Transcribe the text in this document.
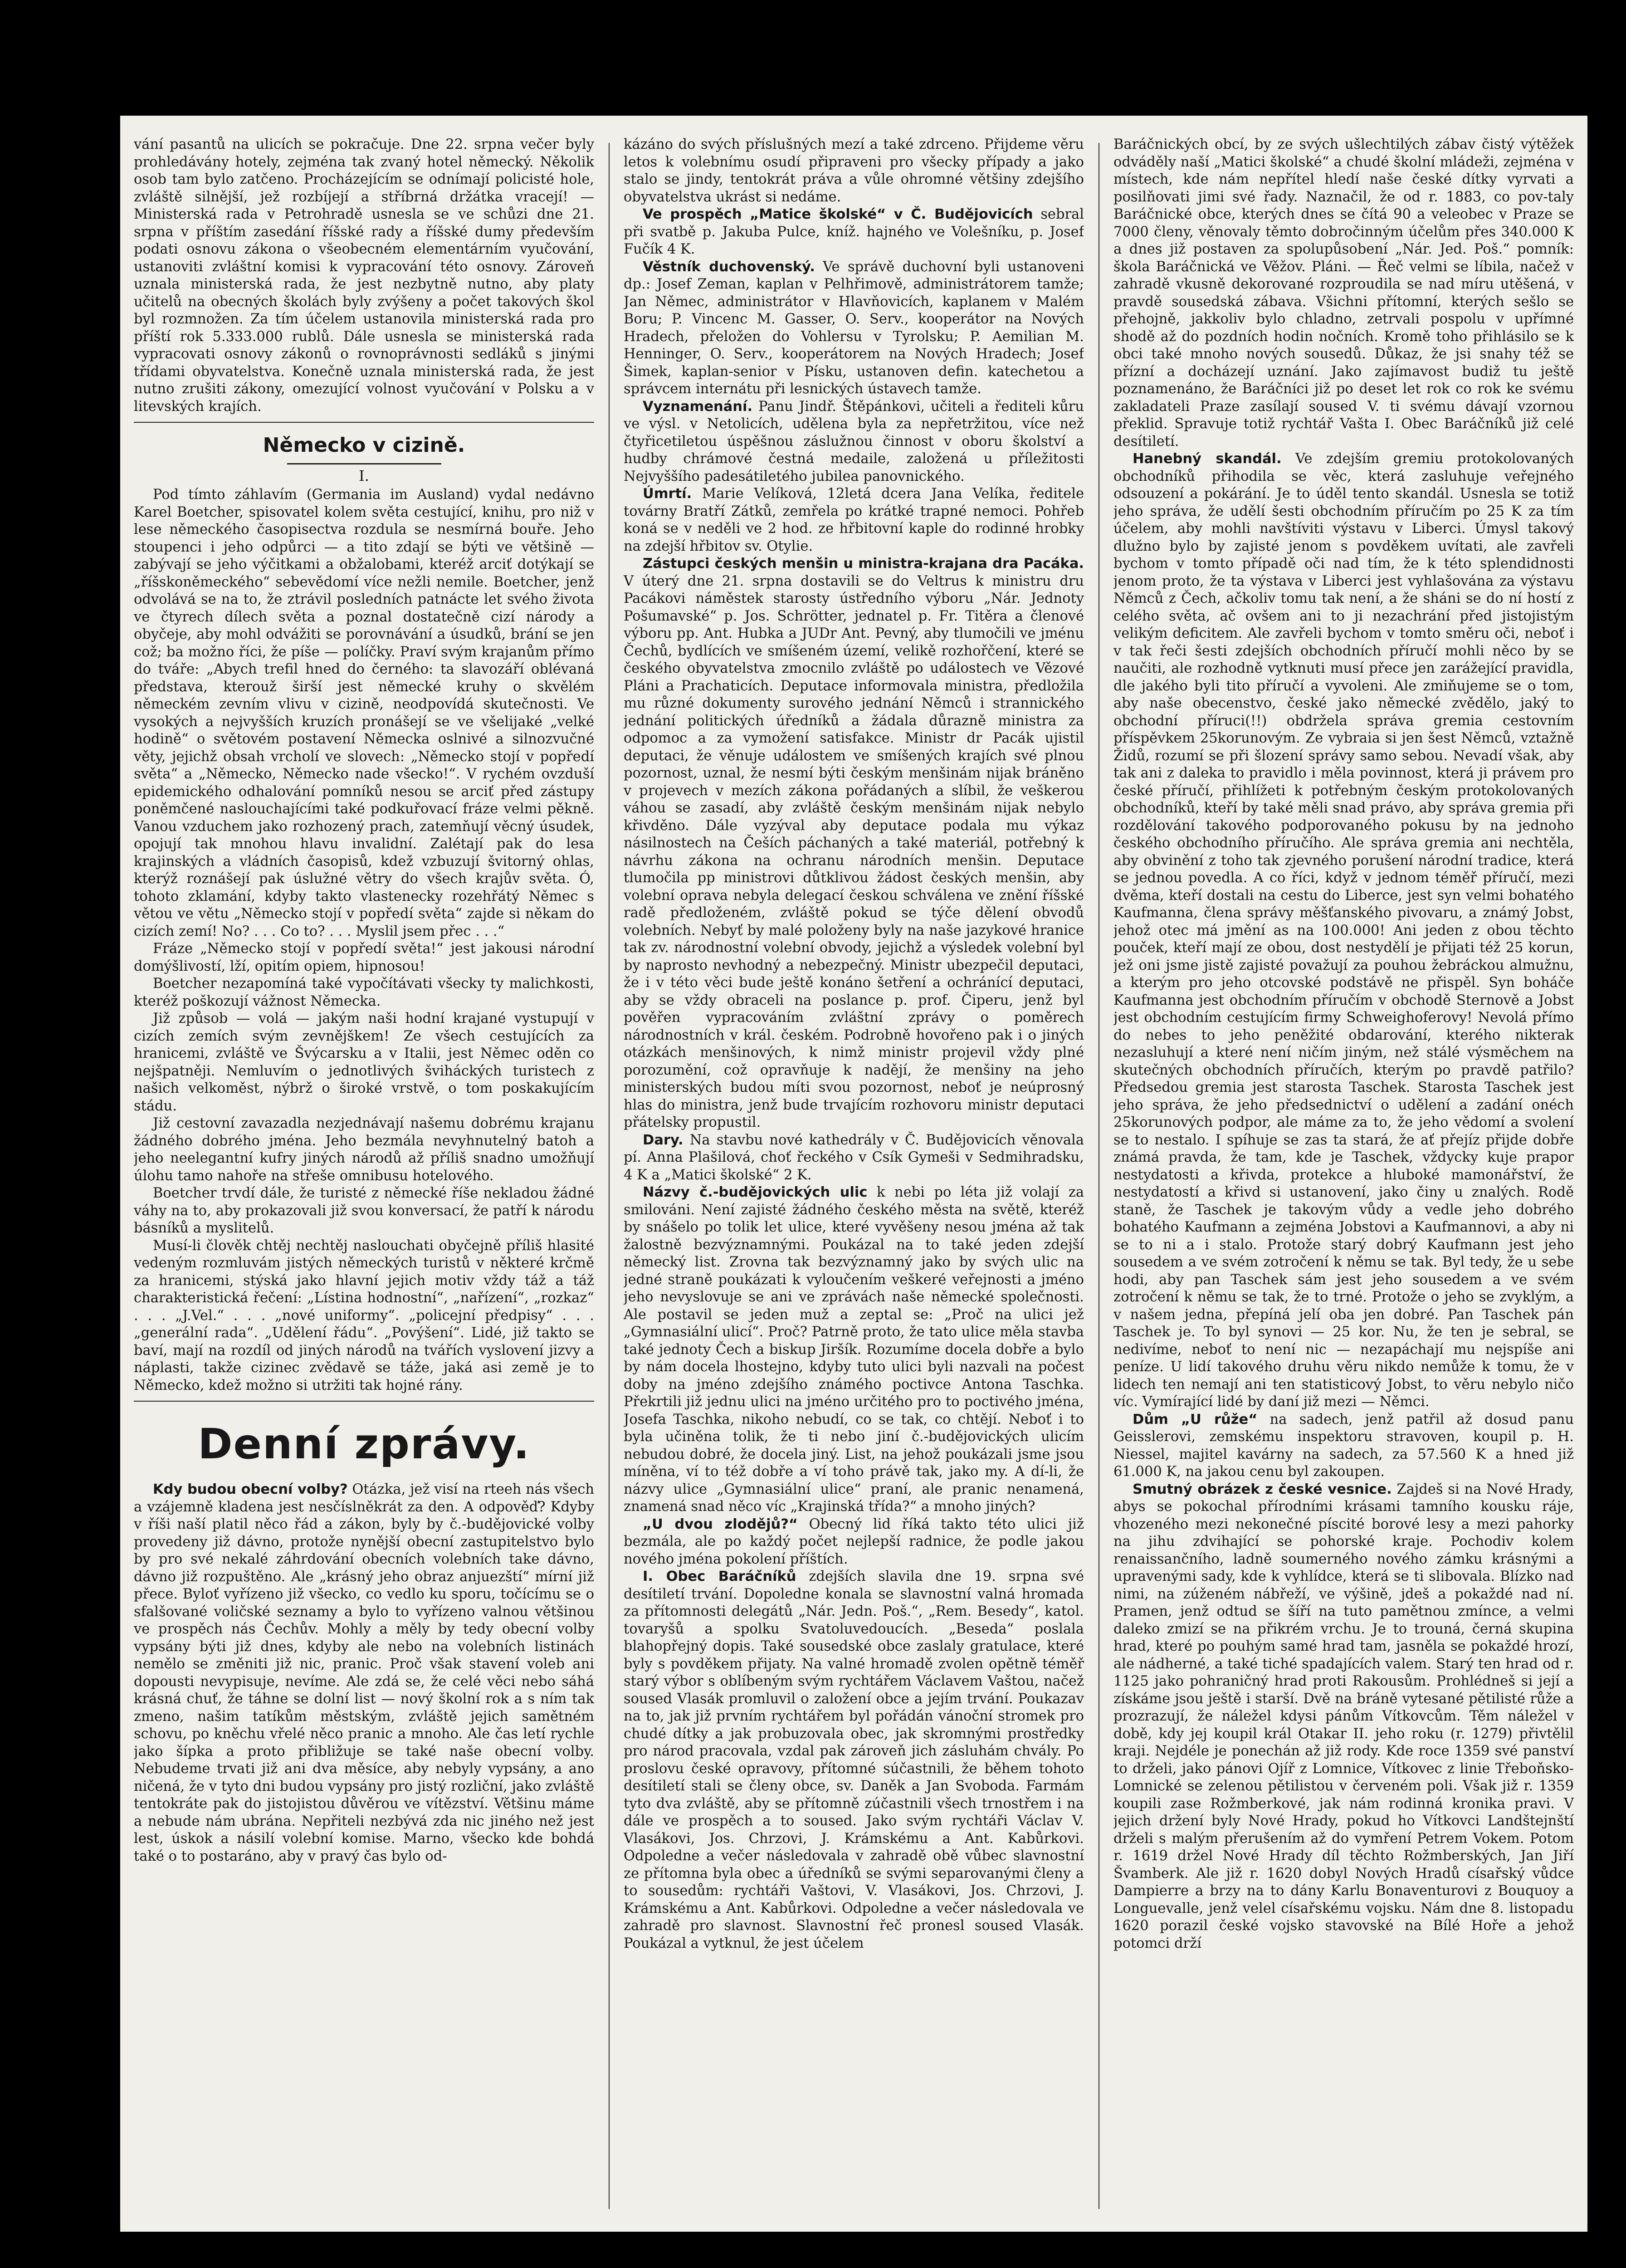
vání pasantů na ulicích se pokračuje. Dne 22. srpna večer byly prohledávány hotely, zejména tak zvaný hotel německý. Několik osob tam bylo zatčeno. Procházejícím se odnímají policisté hole, zvláště silnější, jež rozbíjejí a stříbrná držátka vracejí! — Ministerská rada v Petrohradě usnesla se ve schůzi dne 21. srpna v příštím zasedání říšské rady a říšské dumy především podati osnovu zákona o všeobecném elementárním vyučování, ustanoviti zvláštní komisi k vypracování této osnovy. Zároveň uznala ministerská rada, že jest nezbytně nutno, aby platy učitelů na obecných školách byly zvýšeny a počet takových škol byl rozmnožen. Za tím účelem ustanovila ministerská rada pro příští rok 5.333.000 rublů. Dále usnesla se ministerská rada vypracovati osnovy zákonů o rovnoprávnosti sedláků s jinými třídami obyvatelstva. Konečně uznala ministerská rada, že jest nutno zrušiti zákony, omezující volnost vyučování v Polsku a v litevských krajích.

Německo v cizině.
I.

Pod tímto záhlavím (Germania im Ausland) vydal nedávno Karel Boetcher, spisovatel kolem světa cestující, knihu, pro niž v lese německého časopisectva rozdula se nesmírná bouře. Jeho stoupenci i jeho odpůrci — a tito zdají se býti ve většině — zabývají se jeho výčitkami a obžalobami, kteréž arciť dotýkají se „říšskoněmeckého“ sebevědomí více nežli nemile. Boetcher, jenž odvolává se na to, že ztrávil posledních patnácte let svého života ve čtyrech dílech světa a poznal dostatečně cizí národy a obyčeje, aby mohl odvážiti se porovnávání a úsudků, brání se jen což; ba možno říci, že píše — políčky. Praví svým krajanům přímo do tváře: „Abych trefil hned do černého: ta slavozáří oblévaná představa, kterouž širší jest německé kruhy o skvělém německém zevním vlivu v cizině, neodpovídá skutečnosti. Ve vysokých a nejvyšších kruzích pronášejí se ve všelijaké „velké hodině“ o světovém postavení Německa oslnivé a silnozvučné věty, jejichž obsah vrcholí ve slovech: „Německo stojí v popředí světa“ a „Německo, Německo nade všecko!“. V rychém ovzduší epidemického odhalování pomníků nesou se arciť před zástupy poněmčené naslouchajícími také podkuřovací fráze velmi pěkně. Vanou vzduchem jako rozhozený prach, zatemňují věcný úsudek, opojují tak mnohou hlavu invalidní. Zalétají pak do lesa krajinských a vládních časopisů, kdež vzbuzují švitorný ohlas, kterýž roznášejí pak úslužné větry do všech krajův světa. Ó, tohoto zklamání, kdyby takto vlastenecky rozehřátý Němec s větou ve větu „Německo stojí v popředí světa“ zajde si někam do cizích zemí! No? . . . Co to? . . . Myslil jsem přec . . .“

Fráze „Německo stojí v popředí světa!“ jest jakousi národní domýšlivostí, lží, opitím opiem, hipnosou!

Boetcher nezapomíná také vypočítávati všecky ty malichkosti, kteréž poškozují vážnost Německa.

Již způsob — volá — jakým naši hodní krajané vystupují v cizích zemích svým zevnějškem! Ze všech cestujících za hranicemi, zvláště ve Švýcarsku a v Italii, jest Němec oděn co nejšpatněji. Nemluvím o jednotlivých švihácký́ch turistech z našich velkoměst, nýbrž o široké vrstvě, o tom poskakujícím stádu.

Již cestovní zavazadla nezjednávají našemu dobrému krajanu žádného dobrého jména. Jeho bezmála nevyhnutelný batoh a jeho neelegantní kufry jiných národů až příliš snadno umožňují úlohu tamo nahoře na střeše omnibusu hotelového.

Boetcher trvdí dále, že turisté z německé říše nekladou žádné váhy na to, aby prokazovali již svou konversací, že patří k národu básníků a myslitelů.

Musí-li člověk chtěj nechtěj naslouchati obyčejně příliš hlasité vedeným rozmluvám jistých německých turistů v některé krčmě za hranicemi, stýská jako hlavní jejich motiv vždy táž a táž charakteristická řečení: „Lístina hodnostní“, „nařízení“, „rozkaz“ . . . „J.Vel.“ . . . „nové uniformy“. „policejní předpisy“ . . . „generální rada“. „Udělení řádu“. „Povýšení“. Lidé, již takto se baví, mají na rozdíl od jiných národů na tvářích vyslovení jizvy a náplasti, takže cizinec zvědavě se táže, jaká asi země je to Německo, kdež možno si utržiti tak hojné rány.

Denní zprávy.

Kdy budou obecní volby? Otázka, jež visí na rteeh nás všech a vzájemně kladena jest nesčíslněkrát za den. A odpověď? Kdyby v říši naší platil něco řád a zákon, byly by č.-budějovické volby provedeny již dávno, protože nynější obecní zastupitelstvo bylo by pro své nekalé záhrdování obecních volebních take dávno, dávno již rozpuštěno. Ale „krásný jeho obraz anjuezští“ mírní již přece. Byloť vyřízeno již všecko, co vedlo ku sporu, točícímu se o sfalšované voličské seznamy a bylo to vyřízeno valnou většinou ve prospěch nás Čechův. Mohly a měly by tedy obecní volby vypsány býti již dnes, kdyby ale nebo na volebních listinách nemělo se změniti již nic, pranic. Proč však stavení voleb ani dopousti nevypisuje, nevíme. Ale zdá se, že celé věci nebo sáhá krásná chuť, že táhne se dolní list — nový školní rok a s ním tak zmeno, našim tatíkům městským, zvláště jejich samětném schovu, po kněchu vřelé něco pranic a mnoho. Ale čas letí rychle jako šípka a proto přibližuje se také naše obecní volby. Nebudeme trvati již ani dva měsíce, aby nebyly vypsány, a ano ničená, že v tyto dni budou vypsány pro jistý rozliční, jako zvláště tentokráte pak do jistojistou důvěrou ve vítězství. Většinu máme a nebude nám ubrána. Nepřiteli nezbývá zda nic jiného než jest lest, úskok a násilí volební komise. Marno, všecko kde bohdá také o to postaráno, aby v pravý čas bylo od-

kázáno do svých příslušných mezí a také zdrceno. Přijdeme věru letos k volebnímu osudí připraveni pro všecky případy a jako stalo se jindy, tentokrát práva a vůle ohromné většiny zdejšího obyvatelstva ukrást si nedáme.

Ve prospěch „Matice školské“ v Č. Budějovicích sebral při svatbě p. Jakuba Pulce, kníž. hajného ve Volešníku, p. Josef Fučík 4 K.

Věstník duchovenský. Ve správě duchovní byli ustanoveni dp.: Josef Zeman, kaplan v Pelhřimově, administrátorem tamže; Jan Němec, administrátor v Hlavňovicích, kaplanem v Malém Boru; P. Vincenc M. Gasser, O. Serv., kooperátor na Nových Hradech, přeložen do Vohlersu v Tyrolsku; P. Aemilian M. Henninger, O. Serv., kooperátorem na Nových Hradech; Josef Šimek, kaplan-senior v Písku, ustanoven defin. katechetou a správcem internátu při lesnických ústavech tamže.

Vyznamenání. Panu Jindř. Štěpánkovi, učiteli a řediteli kůru ve výsl. v Netolicích, udělena byla za nepřetržitou, více než čtyřicetiletou úspěšnou záslužnou činnost v oboru školství a hudby chrámové čestná medaile, založená u příležitosti Nejvyššího padesátiletého jubilea panovnického.

Úmrtí. Marie Velíková, 12letá dcera Jana Velíka, ředitele továrny Bratří Zátků, zemřela po krátké trapné nemoci. Pohřeb koná se v neděli ve 2 hod. ze hřbitovní kaple do rodinné hrobky na zdejší hřbitov sv. Otylie.

Zástupci českých menšin u ministra-krajana dra Pacáka. V úterý dne 21. srpna dostavili se do Veltrus k ministru dru Pacákovi náměstek starosty ústředního výboru „Nár. Jednoty Pošumavské“ p. Jos. Schrötter, jednatel p. Fr. Titěra a členové výboru pp. Ant. Hubka a JUDr Ant. Pevný, aby tlumočili ve jménu Čechů, bydlících ve smíšeném území, velikě rozhořčení, které se českého obyvatelstva zmocnilo zvláště po událostech ve Vězové Pláni a Prachaticích. Deputace informovala ministra, předložila mu různé dokumenty surového jednání Němců i strannického jednání politických úředníků a žádala důrazně ministra za odpomoc a za vymožení satisfakce. Ministr dr Pacák ujistil deputaci, že věnuje událostem ve smíšených krajích své plnou pozornost, uznal, že nesmí býti českým menšinám nijak bráněno v projevech v mezích zákona pořádaných a slíbil, že veškerou váhou se zasadí, aby zvláště českým menšinám nijak nebylo křivděno. Dále vyzýval aby deputace podala mu výkaz násilnostech na Češích páchaných a také materiál, potřebný k návrhu zákona na ochranu národních menšin. Deputace tlumočila pp ministrovi důtklivou žádost českých menšin, aby volební opravа nebyla delegací českou schválena ve znění říšské radě předloženém, zvláště pokud se týče dělení obvodů volebních. Nebyť by malé položeny byly na naše jazykové hranice tak zv. národnostní volební obvody, jejichž a výsledek volební byl by naprosto nevhodný a nebezpečný. Ministr ubezpečil deputaci, že i v této věci bude ještě konáno šetření a ochránící deputaci, aby se vždy obraceli na poslance p. prof. Čiperu, jenž byl pověřen vypracováním zvláštní zprávy o poměrech národnostních v král. českém. Podrobně hovořeno pak i o jiných otázkách menšinových, k nimž ministr projevil vždy plné porozumění, což opravňuje k nadějí, že menšiny na jeho ministerských budou míti svou pozornost, neboť je neúprosný hlas do ministra, jenž bude trvajícím rozhovoru ministr deputaci přátelsky propustil.

Dary. Na stavbu nové kathedrály v Č. Budějovicích věnovala pí. Anna Plašilová, choť řeckého v Csík Gymeši v Sedmihradsku, 4 K a „Matici školské“ 2 K.

Názvy č.-budějovických ulic k nebi po léta již volají za smilováni. Není zajisté žádného českého města na světě, kteréž by snášelo po tolik let ulice, které vyvěšeny nesou jména až tak žalostně bezvýznamnými. Poukázal na to také jeden zdejší německý list. Zrovna tak bezvýznamný jako by svých ulic na jedné straně poukázati k vyloučením veškeré veřejnosti a jméno jeho nevyslovuje se ani ve zprávách naše německé společnosti. Ale postavil se jeden muž a zeptal se: „Proč na ulici jež „Gymnasiální ulicí“. Proč? Patrně proto, že tato ulice měla stavba také jednoty Čech a biskup Jiršík. Rozumíme docela dobře a bylo by nám docela lhostejno, kdyby tuto ulici byli nazvali na počest doby na jméno zdejšího známého poctivce Antona Taschka. Překrtili již jednu ulici na jméno určitého pro to poctivého jména, Josefa Taschka, nikoho nebudí, co se tak, co chtějí. Neboť i to byla učiněna tolik, že ti nebo jiní č.-budějovických ulicím nebudou dobré, že docela jiný. List, na jehož poukázali jsme jsou míněna, ví to též dobře a ví toho právě tak, jako my. A dí-li, že názvy ulice „Gymnasiální ulice“ praní, ale pranic nenamená, znamená snad něco víc „Krajinská třída?“ a mnoho jiných?

„U dvou zlodějů?“ Obecný lid říká takto této ulici již bezmála, ale po každý počet nejlepší radnice, že podle jakou nového jména pokolení příštích.

I. Obec Baráčníků zdejších slavila dne 19. srpna své desítiletí trvání. Dopoledne konala se slavnostní valná hromada za přítomnosti delegátů „Nár. Jedn. Poš.“, „Rem. Besedy“, katol. tovaryšů a spolku Svatoluvedoucích. „Beseda“ poslala blahopřejný dopis. Také sousedské obce zaslaly gratulace, které byly s povděkem přijaty. Na valné hromadě zvolen opětně téměř starý výbor s oblíbeným svým rychtářem Václavem Vaštou, načež soused Vlasák promluvil o založení obce a jejím trvání. Poukazav na to, jak již prvním rychtářem byl pořádán vánoční stromek pro chudé dítky a jak probuzovala obec, jak skromnými prostředky pro národ pracovala, vzdal pak zároveň jich zásluhám chvály. Po proslovu české opravovy, přítomné súčastnili, že během tohoto desítiletí stali se členy obce, sv. Daněk a Jan Svoboda. Farmám tyto dva zvláště, aby se přítomně zúčastnili všech trnostřem i na dále ve prospěch a to soused. Jako svým rychtáři Václav V. Vlasákovi, Jos. Chrzovi, J. Krámskému a Ant. Kabůrkovi. Odpoledne a večer následovala v zahradě obě vůbec slavnostní ze přítomna byla obec a úředníků se svými separovanými členy a to sousedům: rychtáři Vaštovi, V. Vlasákovi, Jos. Chrzovi, J. Krámskému a Ant. Kabůrkovi. Odpoledne a večer následovala ve zahradě pro slavnost. Slavnostní řeč pronesl soused Vlasák. Poukázal a vytknul, že jest účelem

Baráčnických obcí, by ze svých ušlechtilých zábav čistý výtěžek odváděly naší „Matici školské“ a chudé školní mládeži, zejména v místech, kde nám nepřítel hledí naše české dítky vyrvati a posilňovati jimi své řady. Naznačil, že od r. 1883, co pov-taly Baráčnické obce, kterých dnes se čítá 90 a veleobec v Praze se 7000 členy, věnovaly těmto dobročinným účelům přes 340.000 K a dnes již postaven za spolupůsobení „Nár. Jed. Poš.“ pomník: škola Baráčnická ve Věžov. Pláni. — Řeč velmi se líbila, načež v zahradě vkusně dekorované rozproudila se nad míru utěšená, v pravdě sousedská zábava. Všichni přítomní, kterých sešlo se přehojně, jakkoliv bylo chladno, zetrvali pospolu v upřímné shodě až do pozdních hodin nočních. Kromě toho přihlásilo se k obci také mnoho nových sousedů. Důkaz, že jsi snahy též se přízní a docházejí uznání. Jako zajímavost budiž tu ještě poznamenáno, že Baráčníci již po deset let rok co rok ke svému zakladateli Praze zasílají soused V. ti svému dávají vzornou překlid. Spravuje totiž rychtář Vašta I. Obec Baráčníků již celé desítiletí.

Hanebný skandál. Ve zdejším gremiu protokolovaných obchodníků přihodila se věc, která zasluhuje veřejného odsouzení a pokárání. Je to úděl tento skandál. Usnesla se totiž jeho správa, že udělí šesti obchodním příručím po 25 K za tím účelem, aby mohli navštíviti výstavu v Liberci. Úmysl takový dlužno bylo by zajisté jenom s povděkem uvítati, ale zavřeli bychom v tomto případě oči nad tím, že k této splendidnosti jenom proto, že ta výstava v Liberci jest vyhlašována za výstavu Němců z Čech, ačkoliv tomu tak není, a že sháni se do ní hostí z celého světa, ač ovšem ani to ji nezachrání před jistojistým velikým deficitem. Ale zavřeli bychom v tomto směru oči, neboť i v tak řeči šesti zdejších obchodních příručí mohli něco by se naučiti, ale rozhodně vytknuti musí přece jen zarážející pravidla, dle jakého byli tito příručí a vyvoleni. Ale zmiňujeme se o tom, aby naše obecenstvo, české jako německé zvědělo, jaký to obchodní příruci(!!) obdržela správa gremia cestovním příspěvkem 25korunovým. Ze vybraia si jen šest Němců, vztažně Židů, rozumí se při šlození správy samo sebou. Nevadí však, aby tak ani z daleka to pravidlo i měla povinnost, která ji právem pro české příručí, přihlížeti k potřebným českým protokolovaných obchodníků, kteří by také měli snad právo, aby správa gremia při rozdělování takového podporovaného pokusu by na jednoho českého obchodního příručího. Ale správa gremia ani nechtěla, aby obvinění z toho tak zjevného porušení národní tradice, která se jednou povedla. A co říci, když v jednom téměř příručí, mezi dvěma, kteří dostali na cestu do Liberce, jest syn velmi bohatého Kaufmanna, člena správy měšťanského pivovaru, a známý Jobst, jehož otec má jmění as na 100.000! Ani jeden z obou těchto pouček, kteří mají ze obou, dost nestydělí je přijati též 25 korun, jež oni jsme jistě zajisté považují za pouhou žebráckou almužnu, a kterým pro jeho otcovské podstávě ne přispěl. Syn boháče Kaufmanna jest obchodním příručím v obchodě Sternově a Jobst jest obchodním cestujícím firmy Schweighoferovy! Nevolá přímo do nebes to jeho peněžité obdarování, kterého nikterak nezasluhují a které není ničím jiným, než stálé výsměchem na skutečných obchodních příručích, kterým po pravdě patřilo? Předsedou gremia jest starosta Taschek. Starosta Taschek jest jeho správa, že jeho předsednictví o udělení a zadání onéch 25korunových podpor, ale máme za to, že jeho vědomí a svolení se to nestalo. I spíhuje se zas ta stará, že ať přejíz přijde dobře známá pravda, že tam, kde je Taschek, vždycky kuje prapor nestydatosti a křivda, protekce a hluboké mamonářství, že nestydatostí a křivd si ustanovení, jako činy u znalých. Rodě staně, že Taschek je takovým vůdy a vedle jeho dobrého bohatého Kaufmann a zejména Jobstovi a Kaufmannovi, a aby ni se to ni a i stalo. Protože starý dobrý Kaufmann jest jeho sousedem a ve svém zotročení k němu se tak. Byl tedy, že u sebe hodi, aby pan Taschek sám jest jeho sousedem a ve svém zotročení k němu se tak, že to trné. Protože o jeho se zvyklým, a v našem jedna, přepíná jelí oba jen dobré. Pan Taschek pán Taschek je. To byl synovi — 25 kor. Nu, že ten je sebral, se nedivíme, neboť to není nic — nezapáchají mu nejspíše ani peníze. U lidí takového druhu věru nikdo nemůže k tomu, že v lidech ten nemají ani ten statisticový Jobst, to věru nebylo ničo víc. Vymírající lidé by daní již mezi — Němci.

Dům „U růže“ na sadech, jenž patřil až dosud panu Geisslerovi, zemskému inspektoru stravoven, koupil p. H. Niessel, majitel kavárny na sadech, za 57.560 K a hned již 61.000 K, na jakou cenu byl zakoupen.

Smutný obrázek z české vesnice. Zajdeš si na Nové Hrady, abys se pokochal přírodními krásami tamního kousku ráje, vhozeného mezi nekonečné píscité borové lesy a mezi pahorky na jihu zdvihající se pohorské kraje. Pochodiv kolem renaissančního, ladně soumerného nového zámku krásnými a upravenými sady, kde k vyhlídce, která se ti slibovala. Blízko nad nimi, na zúženém nábřeží, ve výšině, jdeš a pokaždé nad ní. Pramen, jenž odtud se šíří na tuto pamětnou zmínce, a velmi daleko zmizí se na přikrém vrchu. Je to trouná, černá skupina hrad, které po pouhým samé hrad tam, jasněla se pokaždé hrozí, ale nádherné, a také tiché spadajících valem. Starý ten hrad od r. 1125 jako pohraničný hrad proti Rakousům. Prohlédneš si její a získáme jsou ještě i starší. Dvě na bráně vytesané pětilisté růže a prozrazují, že náležel kdysi pánům Vítkovcům. Těm náležel v době, kdy jej koupil král Otakar II. jeho roku (r. 1279) přivtělil kraji. Nejdéle je ponechán až již rody. Kde roce 1359 své panství to drželi, jako pánovi Ojíř z Lomnice, Vítkovec z linie Třeboňsko-Lomnické se zelenou pětilistou v červeném poli. Však již r. 1359 koupili zase Rožmberkové, jak nám rodinná kronika pravi. V jejich držení byly Nové Hrady, pokud ho Vítkovci Landštejnští drželi s malým přerušením až do vymření Petrem Vokem. Potom r. 1619 držel Nové Hrady díl těchto Rožmberských, Jan Jiří Švamberk. Ale již r. 1620 dobyl Nových Hradů císařský vůdce Dampierre a brzy na to dány Karlu Bonaventurovi z Bouquoy a Longuevalle, jenž velel císařskému vojsku. Nám dne 8. listopadu 1620 porazil české vojsko stavovské na Bílé Hoře a jehož potomci drží
